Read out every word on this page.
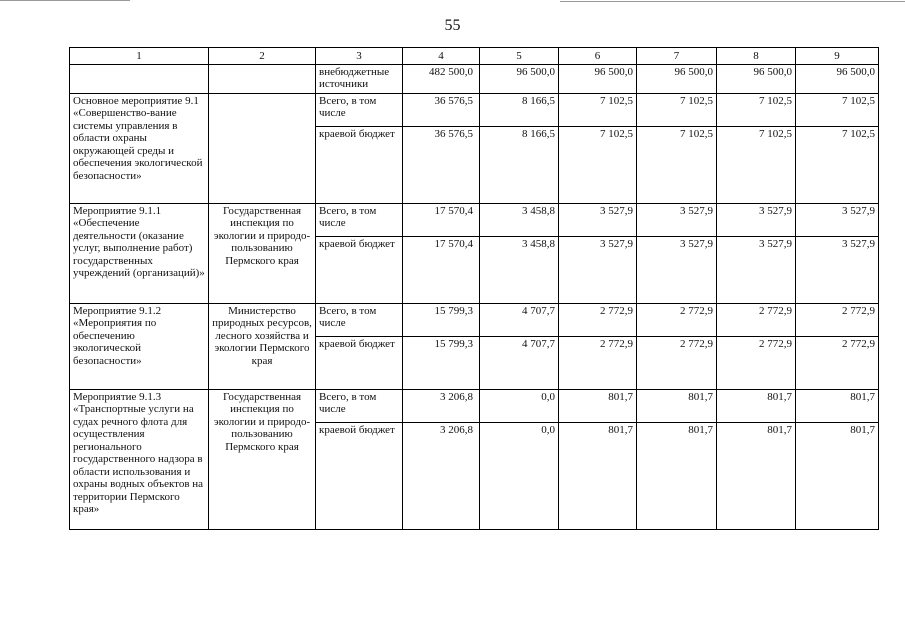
55
1	2	3	4	5	6	7	8	9
		внебюджетные источники	482 500,0	96 500,0	96 500,0	96 500,0	96 500,0	96 500,0
Основное мероприятие 9.1 «Совершенство-вание системы управления в области охраны окружающей среды и обеспечения экологической безопасности»		Всего, в том числе	36 576,5	8 166,5	7 102,5	7 102,5	7 102,5	7 102,5
		краевой бюджет	36 576,5	8 166,5	7 102,5	7 102,5	7 102,5	7 102,5
Мероприятие 9.1.1 «Обеспечение деятельности (оказание услуг, выполнение работ) государственных учреждений (организаций)»	Государственная инспекция по экологии и природо-пользованию Пермского края	Всего, в том числе	17 570,4	3 458,8	3 527,9	3 527,9	3 527,9	3 527,9
		краевой бюджет	17 570,4	3 458,8	3 527,9	3 527,9	3 527,9	3 527,9
Мероприятие 9.1.2 «Мероприятия по обеспечению экологической безопасности»	Министерство природных ресурсов, лесного хозяйства и экологии Пермского края	Всего, в том числе	15 799,3	4 707,7	2 772,9	2 772,9	2 772,9	2 772,9
		краевой бюджет	15 799,3	4 707,7	2 772,9	2 772,9	2 772,9	2 772,9
Мероприятие 9.1.3 «Транспортные услуги на судах речного флота для осуществления регионального государственного надзора в области использования и охраны водных объектов на территории Пермского края»	Государственная инспекция по экологии и природо-пользованию Пермского края	Всего, в том числе	3 206,8	0,0	801,7	801,7	801,7	801,7
		краевой бюджет	3 206,8	0,0	801,7	801,7	801,7	801,7
